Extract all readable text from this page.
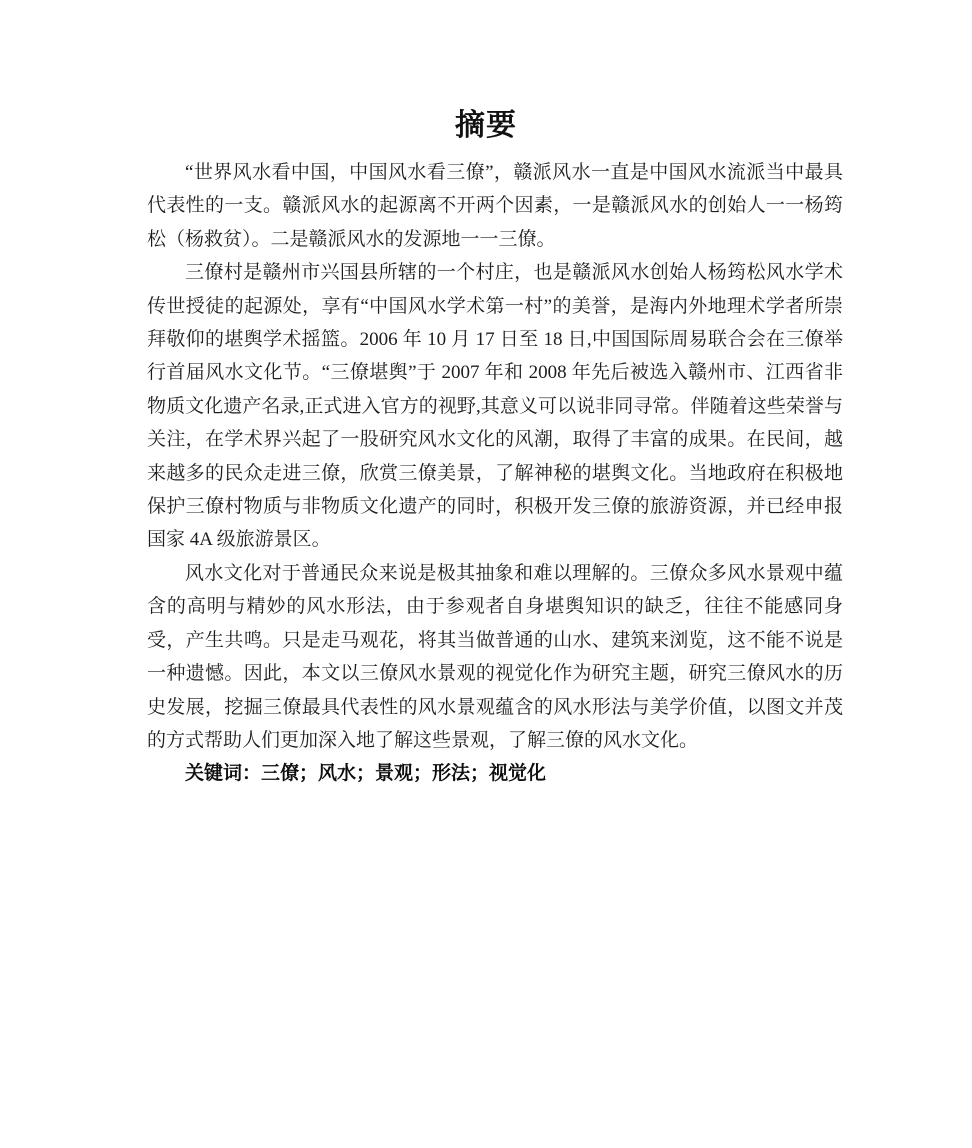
摘要

“世界风水看中国，中国风水看三僚”，赣派风水一直是中国风水流派当中最具代表性的一支。赣派风水的起源离不开两个因素，一是赣派风水的创始人一一杨筠松（杨救贫）。二是赣派风水的发源地一一三僚。

三僚村是赣州市兴国县所辖的一个村庄，也是赣派风水创始人杨筠松风水学术传世授徒的起源处，享有“中国风水学术第一村”的美誉，是海内外地理术学者所崇拜敬仰的堪舆学术摇篮。2006 年 10 月 17 日至 18 日,中国国际周易联合会在三僚举行首届风水文化节。“三僚堪舆”于 2007 年和 2008 年先后被选入赣州市、江西省非物质文化遗产名录,正式进入官方的视野,其意义可以说非同寻常。伴随着这些荣誉与关注，在学术界兴起了一股研究风水文化的风潮，取得了丰富的成果。在民间，越来越多的民众走进三僚，欣赏三僚美景，了解神秘的堪舆文化。当地政府在积极地保护三僚村物质与非物质文化遗产的同时，积极开发三僚的旅游资源，并已经申报国家 4A 级旅游景区。

风水文化对于普通民众来说是极其抽象和难以理解的。三僚众多风水景观中蕴含的高明与精妙的风水形法，由于参观者自身堪舆知识的缺乏，往往不能感同身受，产生共鸣。只是走马观花，将其当做普通的山水、建筑来浏览，这不能不说是一种遗憾。因此，本文以三僚风水景观的视觉化作为研究主题，研究三僚风水的历史发展，挖掘三僚最具代表性的风水景观蕴含的风水形法与美学价值，以图文并茂的方式帮助人们更加深入地了解这些景观，了解三僚的风水文化。

关键词：三僚；风水；景观；形法；视觉化
